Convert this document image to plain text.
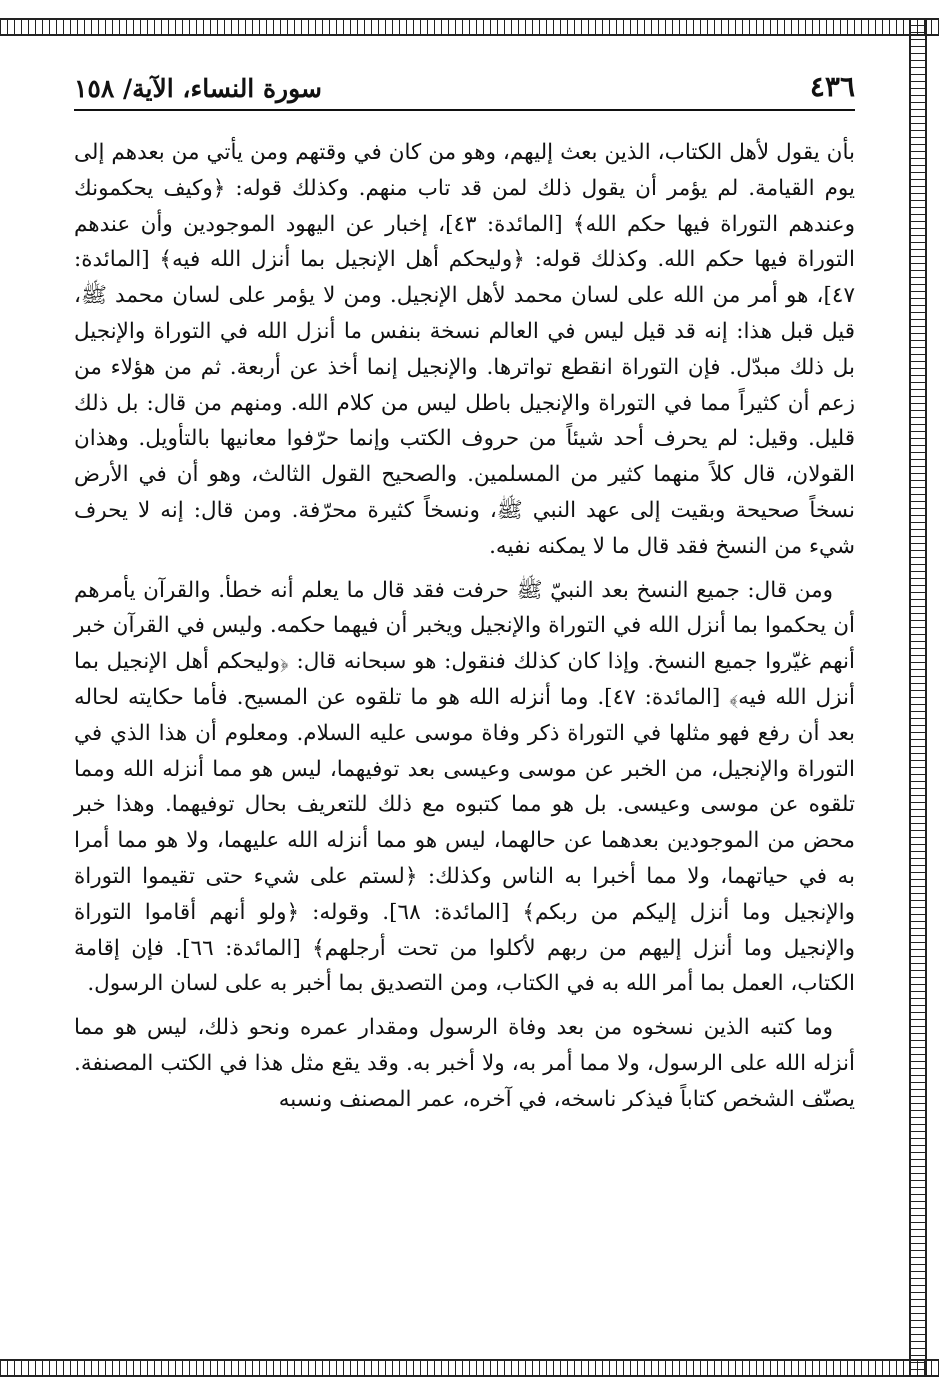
٤٣٦
سورة النساء، الآية/ ١٥٨

بأن يقول لأهل الكتاب، الذين بعث إليهم، وهو من كان في وقتهم ومن يأتي من بعدهم إلى يوم القيامة. لم يؤمر أن يقول ذلك لمن قد تاب منهم. وكذلك قوله: ﴿وكيف يحكمونك وعندهم التوراة فيها حكم الله﴾ [المائدة: ٤٣]، إخبار عن اليهود الموجودين وأن عندهم التوراة فيها حكم الله. وكذلك قوله: ﴿وليحكم أهل الإنجيل بما أنزل الله فيه﴾ [المائدة: ٤٧]، هو أمر من الله على لسان محمد لأهل الإنجيل. ومن لا يؤمر على لسان محمد ﷺ، قيل قبل هذا: إنه قد قيل ليس في العالم نسخة بنفس ما أنزل الله في التوراة والإنجيل بل ذلك مبدّل. فإن التوراة انقطع تواترها. والإنجيل إنما أخذ عن أربعة. ثم من هؤلاء من زعم أن كثيراً مما في التوراة والإنجيل باطل ليس من كلام الله. ومنهم من قال: بل ذلك قليل. وقيل: لم يحرف أحد شيئاً من حروف الكتب وإنما حرّفوا معانيها بالتأويل. وهذان القولان، قال كلاً منهما كثير من المسلمين. والصحيح القول الثالث، وهو أن في الأرض نسخاً صحيحة وبقيت إلى عهد النبي ﷺ، ونسخاً كثيرة محرّفة. ومن قال: إنه لا يحرف شيء من النسخ فقد قال ما لا يمكنه نفيه.

ومن قال: جميع النسخ بعد النبيّ ﷺ حرفت فقد قال ما يعلم أنه خطأ. والقرآن يأمرهم أن يحكموا بما أنزل الله في التوراة والإنجيل ويخبر أن فيهما حكمه. وليس في القرآن خبر أنهم غيّروا جميع النسخ. وإذا كان كذلك فنقول: هو سبحانه قال: ﴿وليحكم أهل الإنجيل بما أنزل الله فيه﴾ [المائدة: ٤٧]. وما أنزله الله هو ما تلقوه عن المسيح. فأما حكايته لحاله بعد أن رفع فهو مثلها في التوراة ذكر وفاة موسى عليه السلام. ومعلوم أن هذا الذي في التوراة والإنجيل، من الخبر عن موسى وعيسى بعد توفيهما، ليس هو مما أنزله الله ومما تلقوه عن موسى وعيسى. بل هو مما كتبوه مع ذلك للتعريف بحال توفيهما. وهذا خبر محض من الموجودين بعدهما عن حالهما، ليس هو مما أنزله الله عليهما، ولا هو مما أمرا به في حياتهما، ولا مما أخبرا به الناس وكذلك: ﴿لستم على شيء حتى تقيموا التوراة والإنجيل وما أنزل إليكم من ربكم﴾ [المائدة: ٦٨]. وقوله: ﴿ولو أنهم أقاموا التوراة والإنجيل وما أنزل إليهم من ربهم لأكلوا من تحت أرجلهم﴾ [المائدة: ٦٦]. فإن إقامة الكتاب، العمل بما أمر الله به في الكتاب، ومن التصديق بما أخبر به على لسان الرسول.

وما كتبه الذين نسخوه من بعد وفاة الرسول ومقدار عمره ونحو ذلك، ليس هو مما أنزله الله على الرسول، ولا مما أمر به، ولا أخبر به. وقد يقع مثل هذا في الكتب المصنفة. يصنّف الشخص كتاباً فيذكر ناسخه، في آخره، عمر المصنف ونسبه
